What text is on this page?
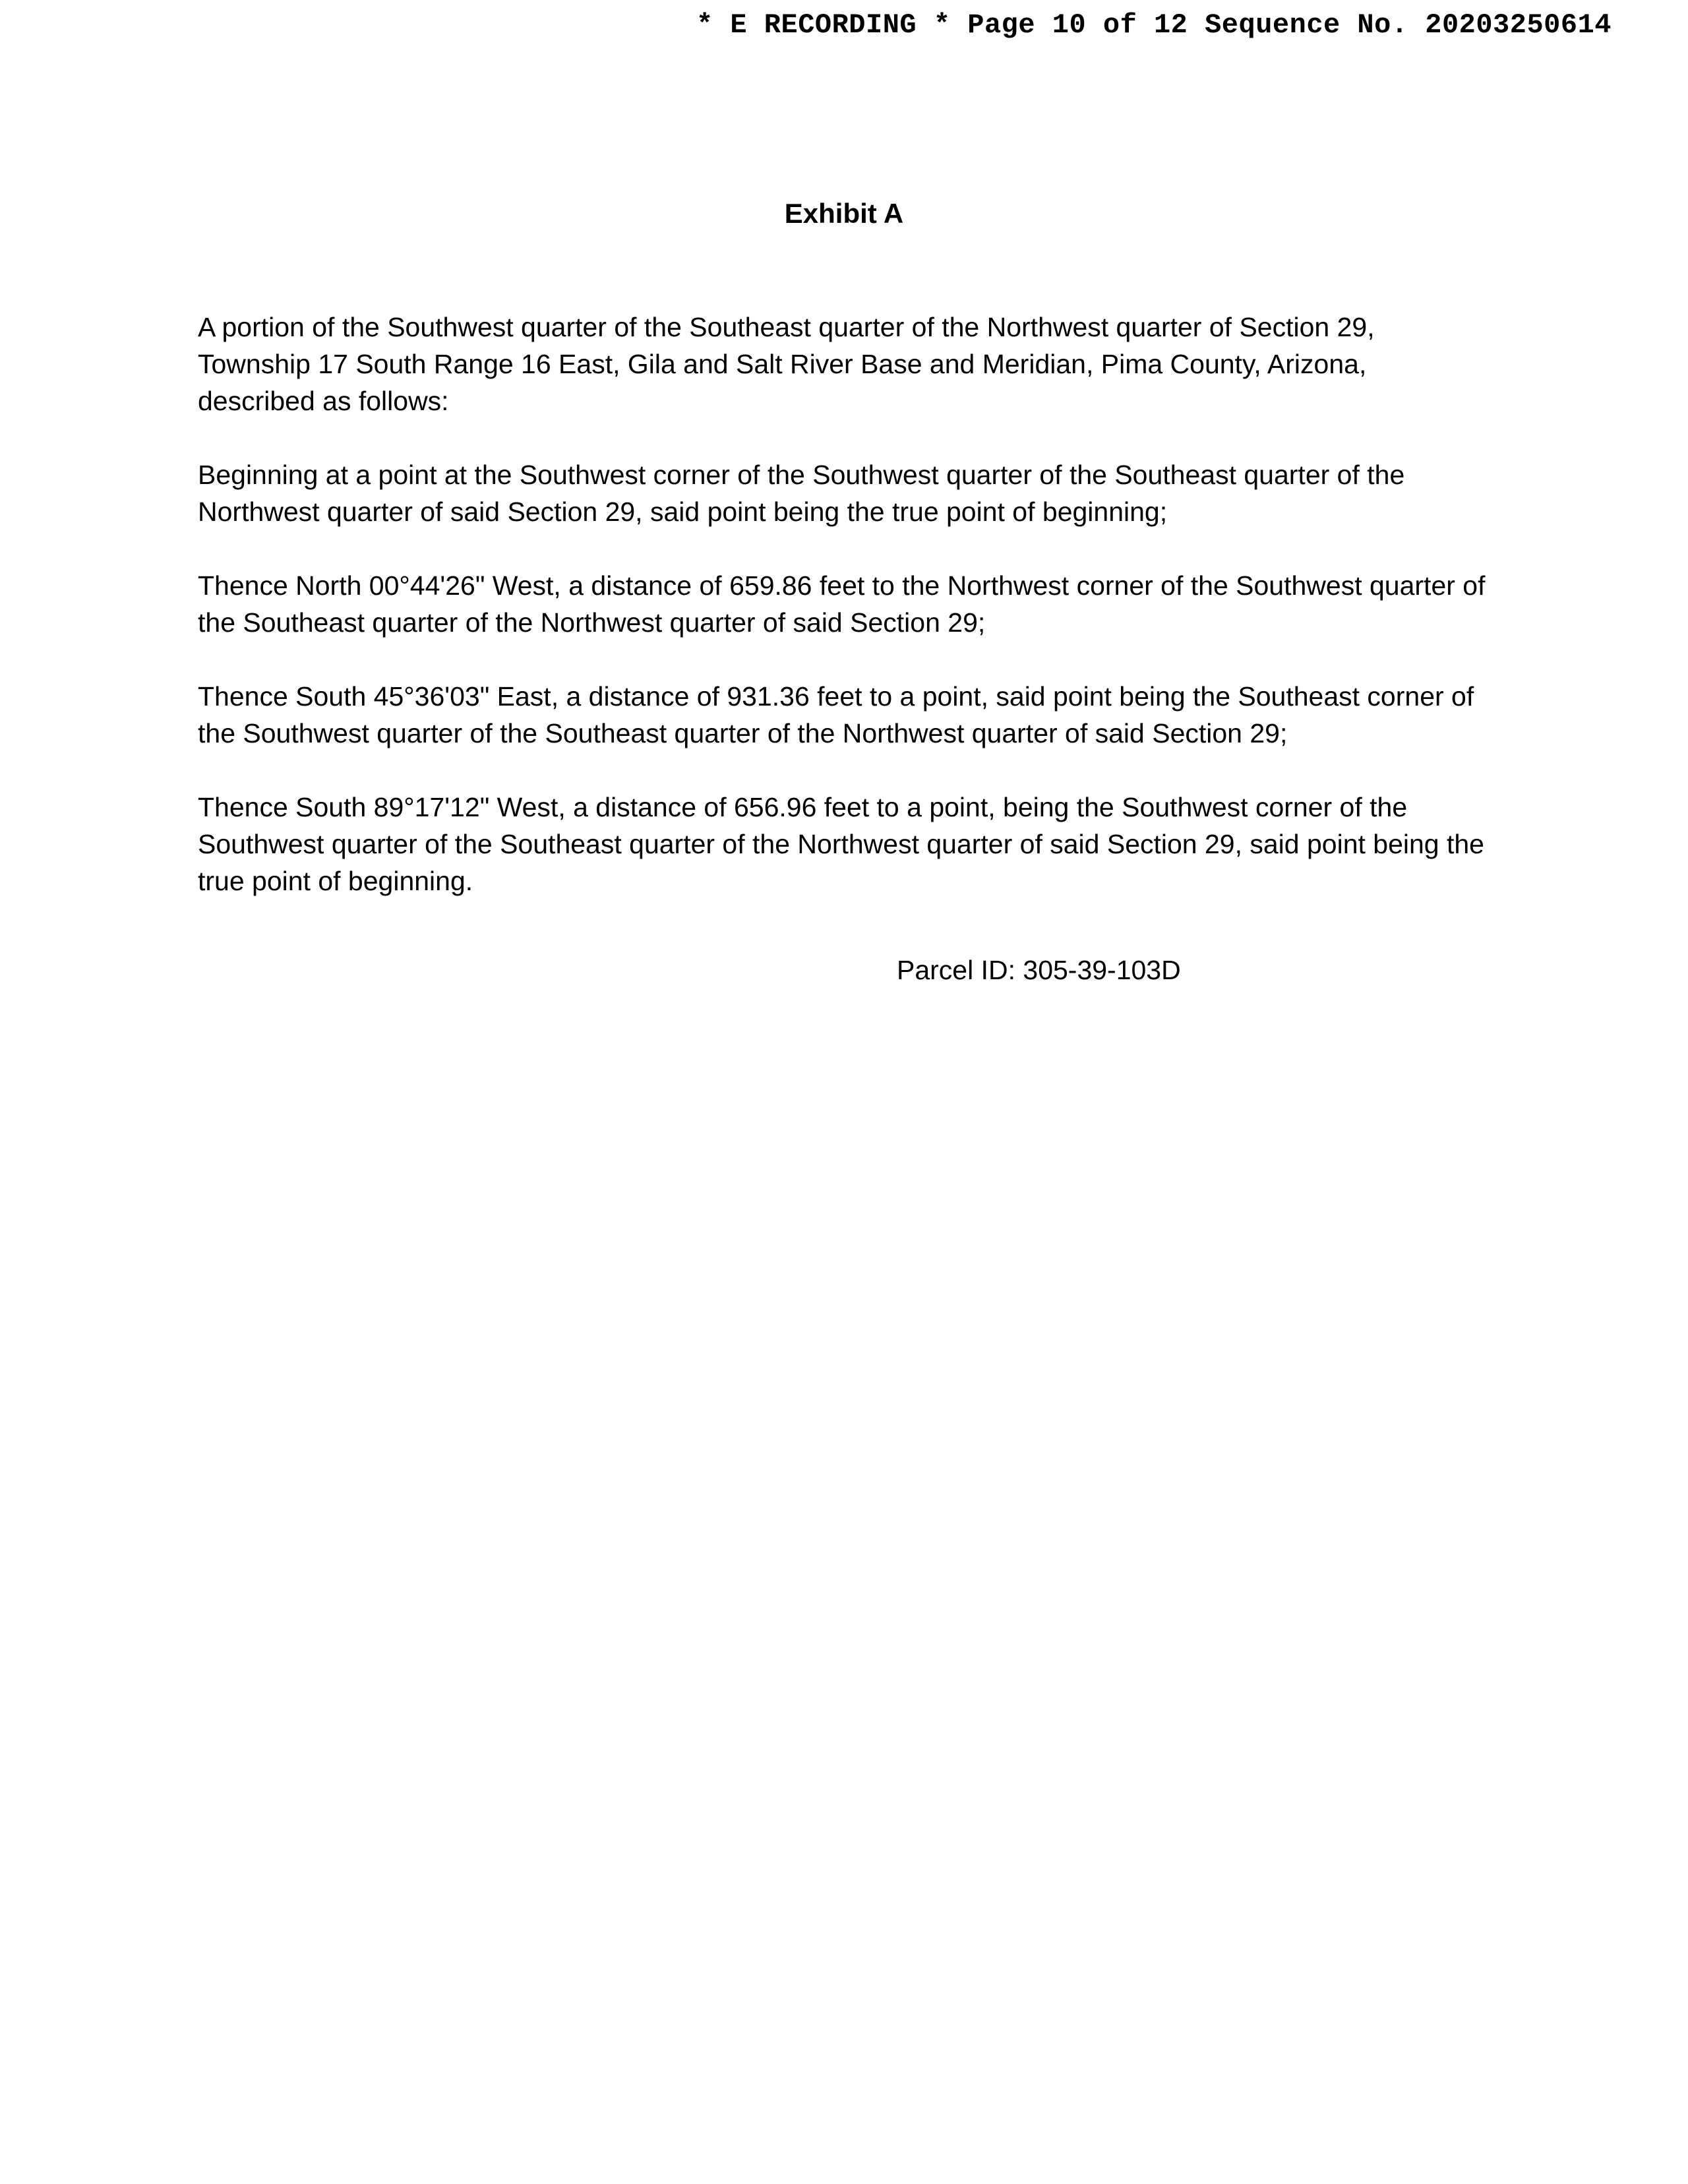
* E RECORDING * Page 10 of 12 Sequence No. 20203250614
Exhibit A

A portion of the Southwest quarter of the Southeast quarter of the Northwest quarter of Section 29, Township 17 South Range 16 East, Gila and Salt River Base and Meridian, Pima County, Arizona, described as follows:

Beginning at a point at the Southwest corner of the Southwest quarter of the Southeast quarter of the Northwest quarter of said Section 29, said point being the true point of beginning;

Thence North 00°44'26" West, a distance of 659.86 feet to the Northwest corner of the Southwest quarter of the Southeast quarter of the Northwest quarter of said Section 29;

Thence South 45°36'03" East, a distance of 931.36 feet to a point, said point being the Southeast corner of the Southwest quarter of the Southeast quarter of the Northwest quarter of said Section 29;

Thence South 89°17'12" West, a distance of 656.96 feet to a point, being the Southwest corner of the Southwest quarter of the Southeast quarter of the Northwest quarter of said Section 29, said point being the true point of beginning.

Parcel ID: 305-39-103D
